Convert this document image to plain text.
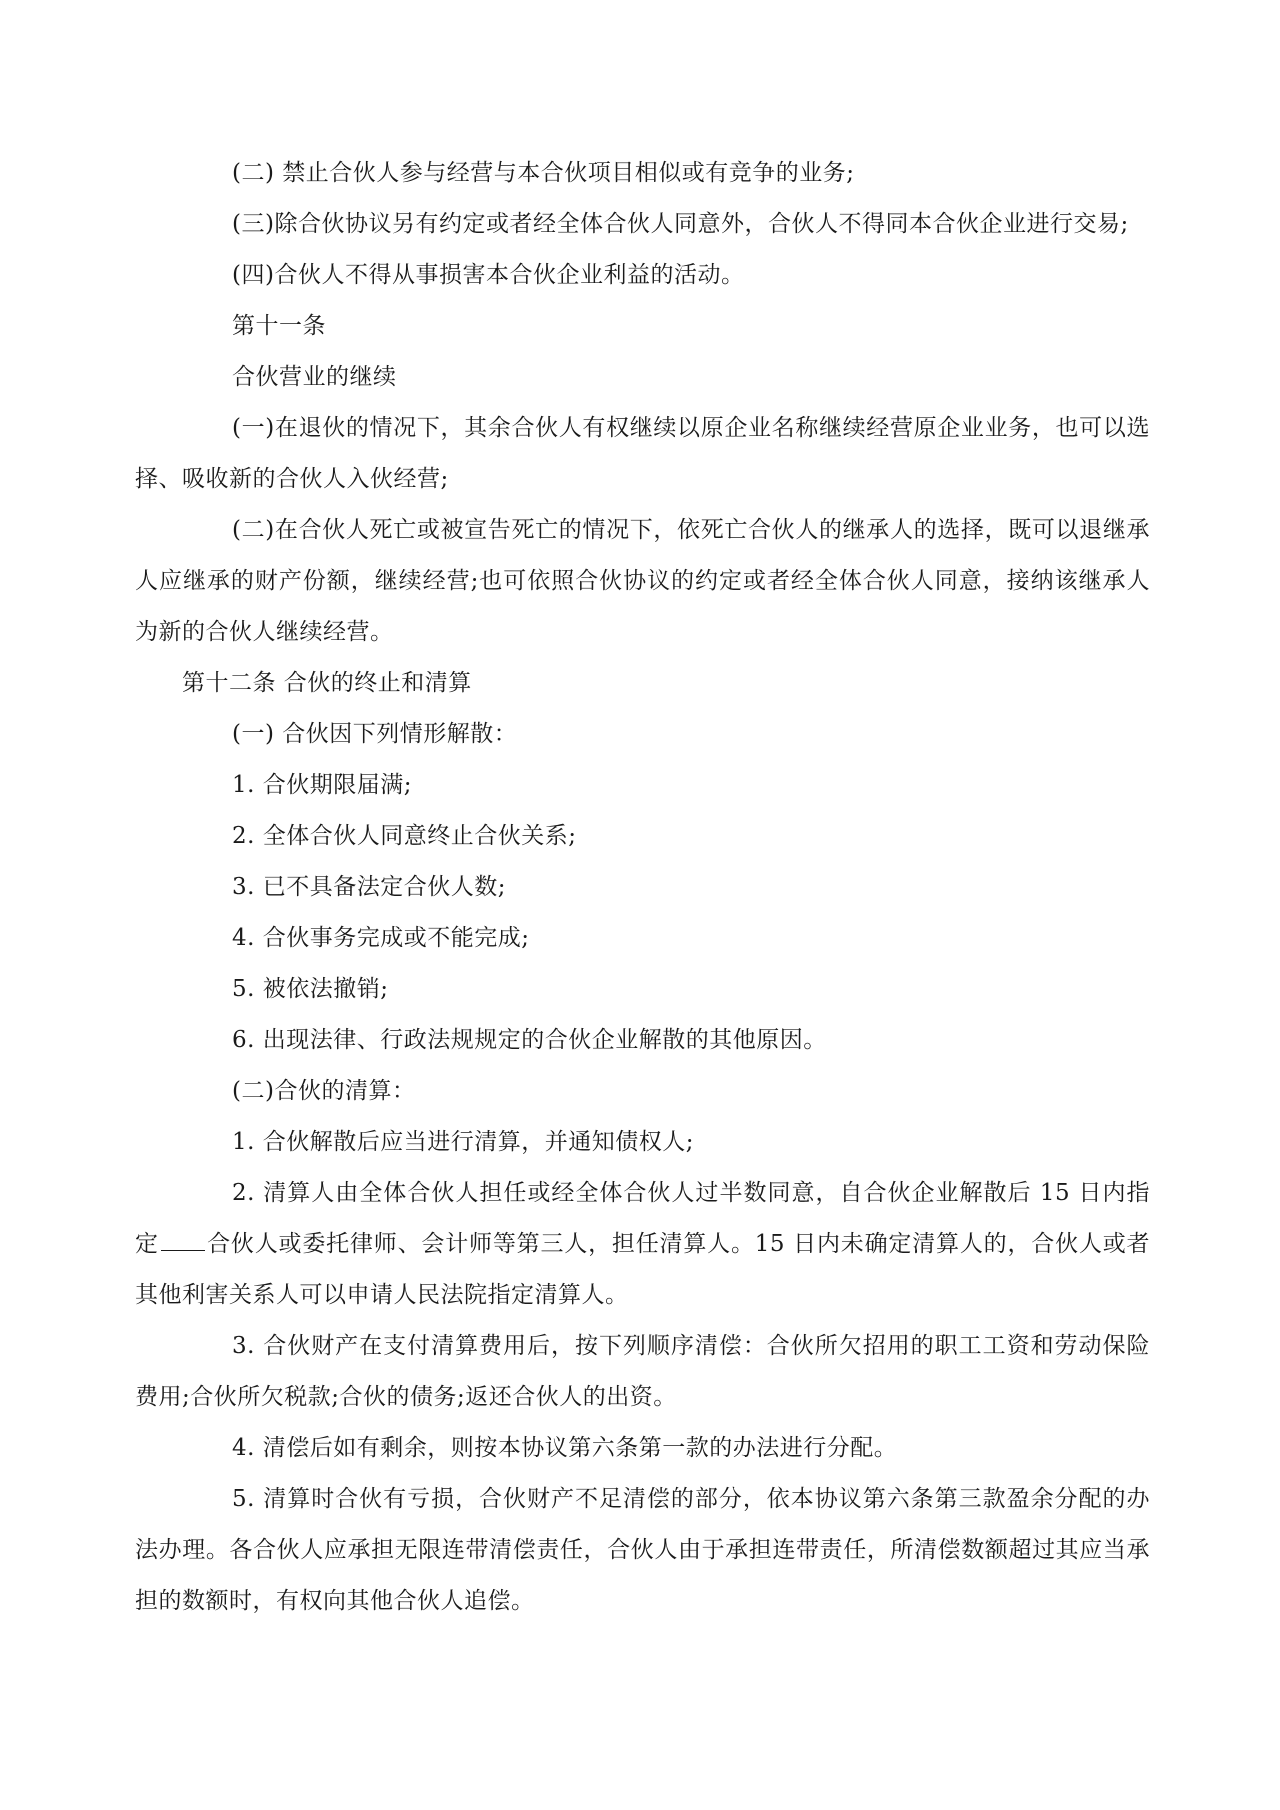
(二) 禁止合伙人参与经营与本合伙项目相似或有竞争的业务;

(三)除合伙协议另有约定或者经全体合伙人同意外，合伙人不得同本合伙企业进行交易;

(四)合伙人不得从事损害本合伙企业利益的活动。

第十一条

合伙营业的继续

(一)在退伙的情况下，其余合伙人有权继续以原企业名称继续经营原企业业务，也可以选择、吸收新的合伙人入伙经营;

(二)在合伙人死亡或被宣告死亡的情况下，依死亡合伙人的继承人的选择，既可以退继承人应继承的财产份额，继续经营;也可依照合伙协议的约定或者经全体合伙人同意，接纳该继承人为新的合伙人继续经营。

第十二条 合伙的终止和清算

(一) 合伙因下列情形解散：

1. 合伙期限届满;

2. 全体合伙人同意终止合伙关系;

3. 已不具备法定合伙人数;

4. 合伙事务完成或不能完成;

5. 被依法撤销;

6. 出现法律、行政法规规定的合伙企业解散的其他原因。

(二)合伙的清算：

1. 合伙解散后应当进行清算，并通知债权人;

2. 清算人由全体合伙人担任或经全体合伙人过半数同意，自合伙企业解散后 15 日内指定 合伙人或委托律师、会计师等第三人，担任清算人。15 日内未确定清算人的，合伙人或者其他利害关系人可以申请人民法院指定清算人。

3. 合伙财产在支付清算费用后，按下列顺序清偿：合伙所欠招用的职工工资和劳动保险费用;合伙所欠税款;合伙的债务;返还合伙人的出资。

4. 清偿后如有剩余，则按本协议第六条第一款的办法进行分配。

5. 清算时合伙有亏损，合伙财产不足清偿的部分，依本协议第六条第三款盈余分配的办法办理。各合伙人应承担无限连带清偿责任，合伙人由于承担连带责任，所清偿数额超过其应当承担的数额时，有权向其他合伙人追偿。
